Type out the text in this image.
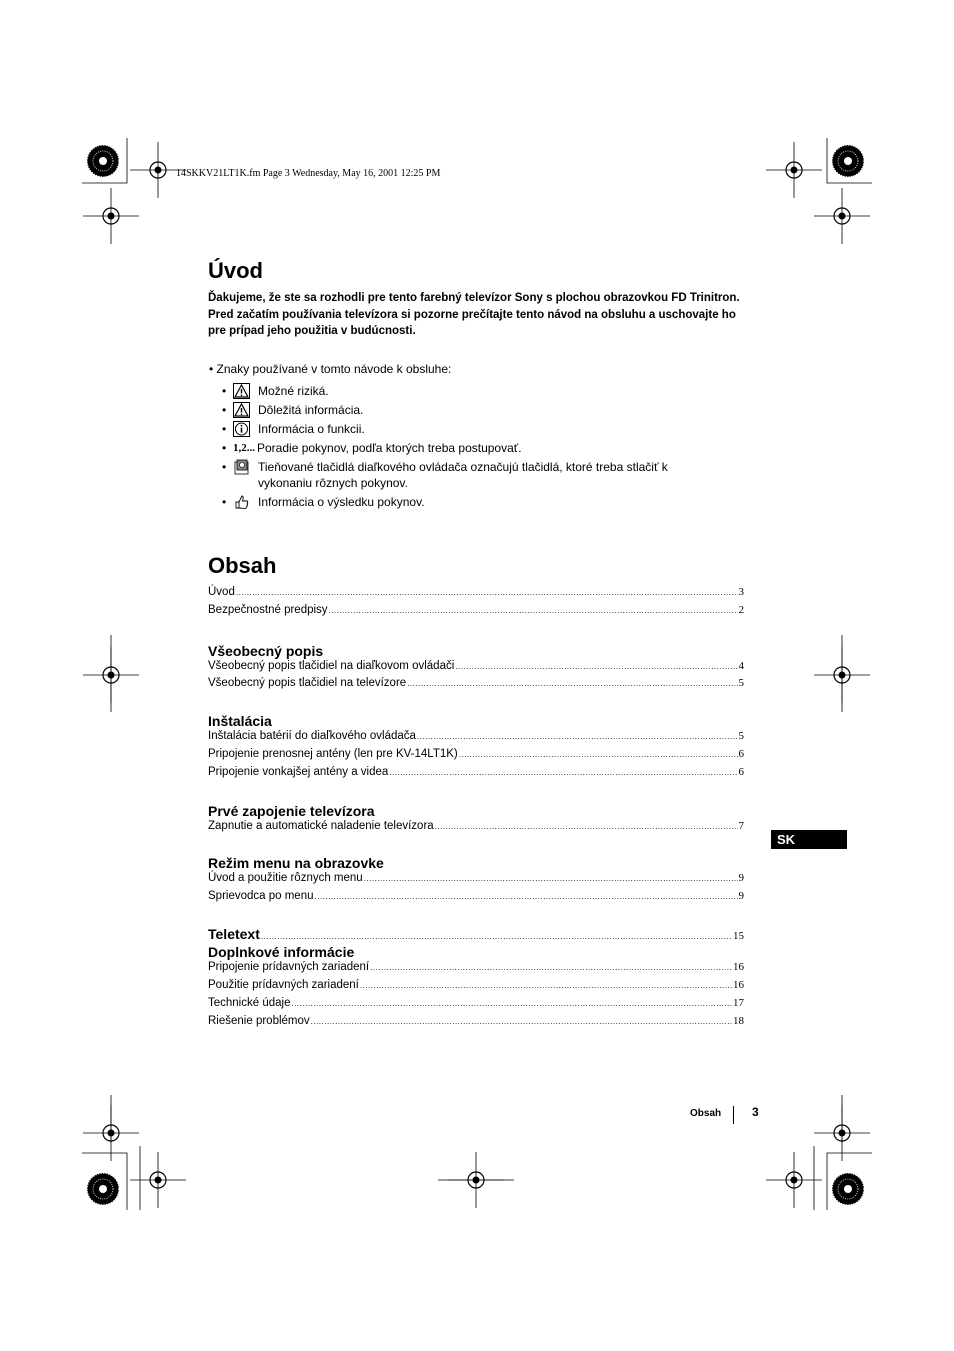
14SKKV21LT1K.fm Page 3 Wednesday, May 16, 2001 12:25 PM
Úvod

Ďakujeme, že ste sa rozhodli pre tento farebný televízor Sony s plochou obrazovkou FD Trinitron.

Pred začatím používania televízora si pozorne prečítajte tento návod na obsluhu a uschovajte ho pre prípad jeho použitia v budúcnosti.

• Znaky používané v tomto návode k obsluhe:
•	Možné riziká.
•	Dôležitá informácia.
•	Informácia o funkcii.
• 1,2... Poradie pokynov, podľa ktorých treba postupovať.
•	Tieňované tlačidlá diaľkového ovládača označujú tlačidlá, ktoré treba stlačiť k vykonaniu rôznych pokynov.
•	Informácia o výsledku pokynov.
Obsah
Úvod .....	3
Bezpečnostné predpisy .....	2
Všeobecný popis
Všeobecný popis tlačidiel na diaľkovom ovládači .....	4
Všeobecný popis tlačidiel na televízore .....	5
Inštalácia
Inštalácia batérií do diaľkového ovládača .....	5
Pripojenie prenosnej antény (len pre KV-14LT1K) .....	6
Pripojenie vonkajšej antény a videa .....	6
Prvé zapojenie televízora
Zapnutie a automatické naladenie televízora .....	7
Režim menu na obrazovke
Úvod a použitie rôznych menu .....	9
Sprievodca po menu .....	9
Teletext .....	15
Doplnkové informácie
Pripojenie prídavných zariadení .....	16
Použitie prídavných zariadení .....	16
Technické údaje .....	17
Riešenie problémov .....	18
SK
Obsah	3
